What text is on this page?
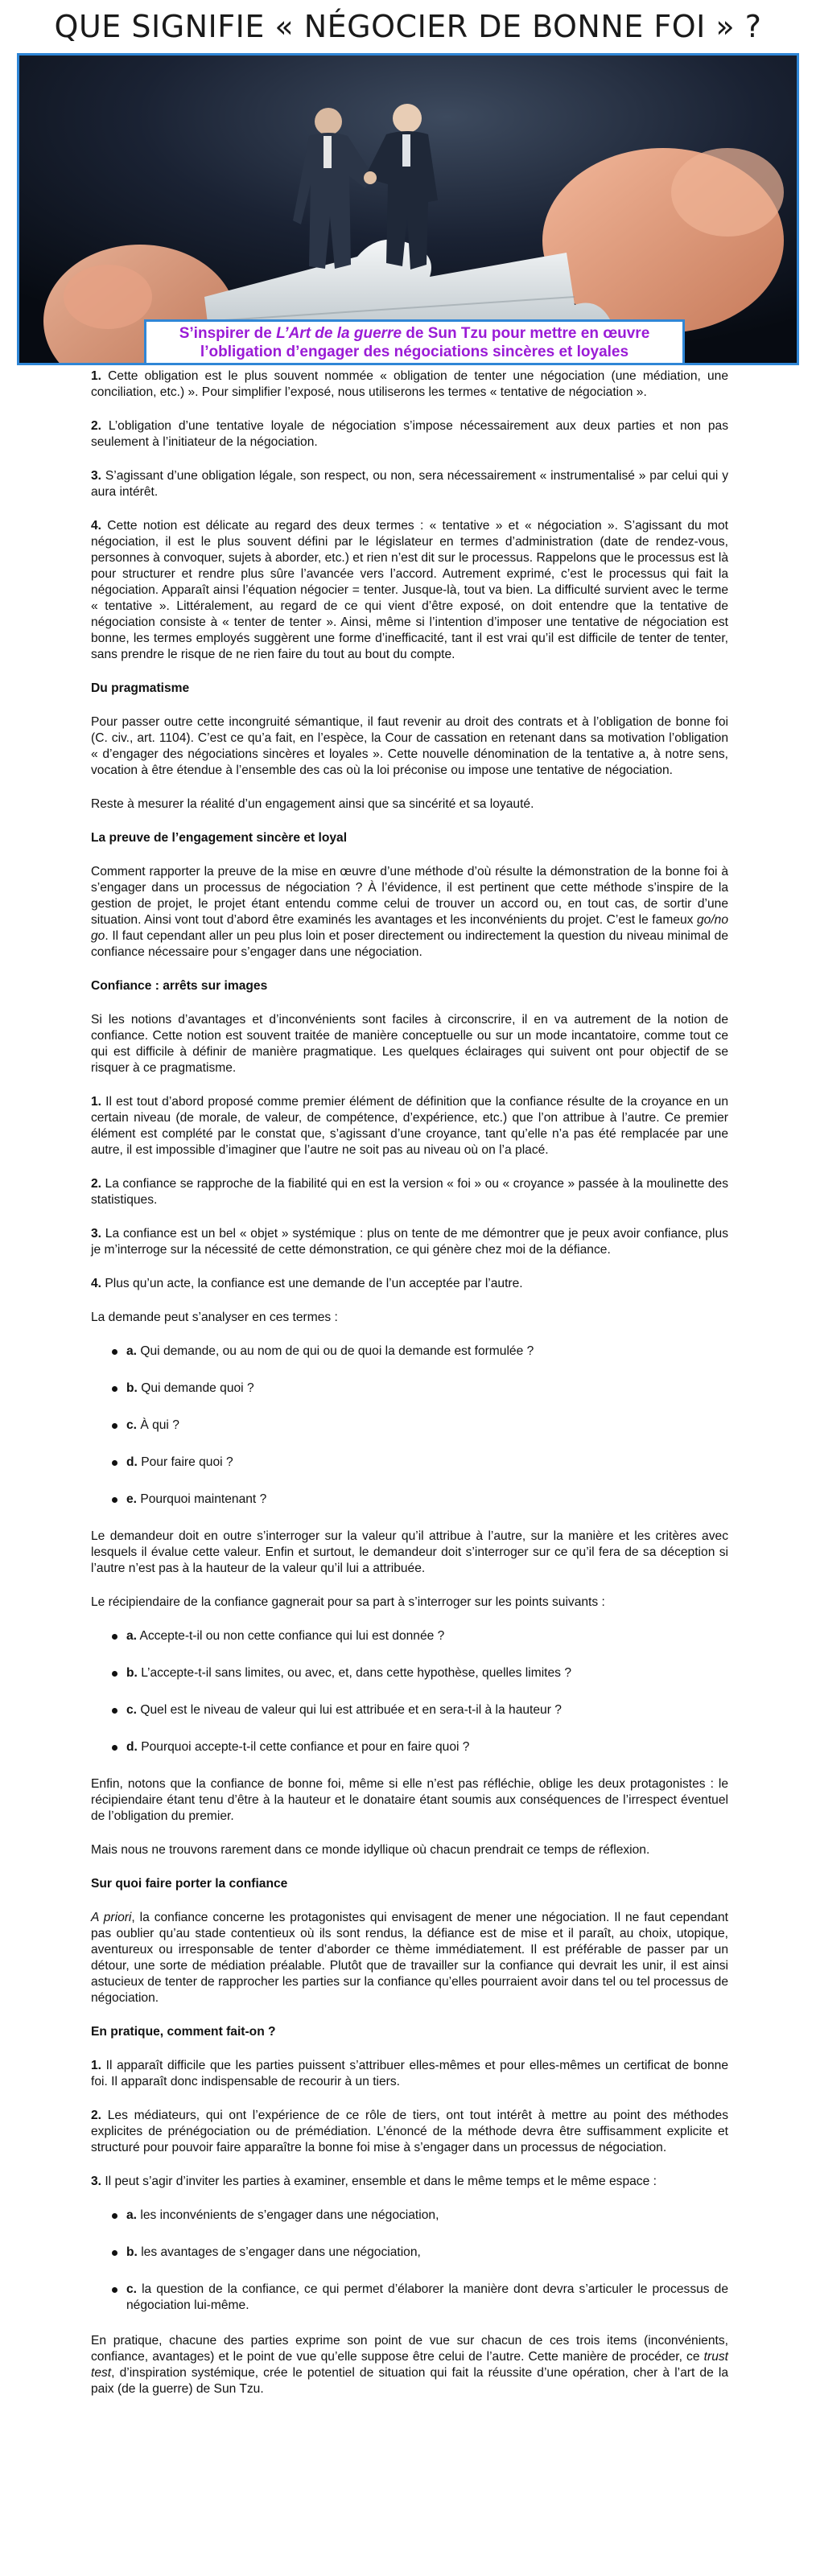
QUE SIGNIFIE « NÉGOCIER DE BONNE FOI » ?
S’inspirer de L’Art de la guerre de Sun Tzu pour mettre en œuvre
l’obligation d’engager des négociations sincères et loyales

1. Cette obligation est le plus souvent nommée « obligation de tenter une négociation (une médiation, une conciliation, etc.) ». Pour simplifier l’exposé, nous utiliserons les termes « tentative de négociation ».

2. L’obligation d’une tentative loyale de négociation s’impose nécessairement aux deux parties et non pas seulement à l’initiateur de la négociation.

3. S’agissant d’une obligation légale, son respect, ou non, sera nécessairement « instrumentalisé » par celui qui y aura intérêt.

4. Cette notion est délicate au regard des deux termes : « tentative » et « négociation ». S’agissant du mot négociation, il est le plus souvent défini par le législateur en termes d’administration (date de rendez-vous, personnes à convoquer, sujets à aborder, etc.) et rien n’est dit sur le processus. Rappelons que le processus est là pour structurer et rendre plus sûre l’avancée vers l’accord. Autrement exprimé, c’est le processus qui fait la négociation. Apparaît ainsi l’équation négocier = tenter. Jusque-là, tout va bien. La difficulté survient avec le terme « tentative ». Littéralement, au regard de ce qui vient d’être exposé, on doit entendre que la tentative de négociation consiste à « tenter de tenter ». Ainsi, même si l’intention d’imposer une tentative de négociation est bonne, les termes employés suggèrent une forme d’inefficacité, tant il est vrai qu’il est difficile de tenter de tenter, sans prendre le risque de ne rien faire du tout au bout du compte.

Du pragmatisme

Pour passer outre cette incongruité sémantique, il faut revenir au droit des contrats et à l’obligation de bonne foi (C. civ., art. 1104). C’est ce qu’a fait, en l’espèce, la Cour de cassation en retenant dans sa motivation l’obligation « d’engager des négociations sincères et loyales ». Cette nouvelle dénomination de la tentative a, à notre sens, vocation à être étendue à l’ensemble des cas où la loi préconise ou impose une tentative de négociation.

Reste à mesurer la réalité d’un engagement ainsi que sa sincérité et sa loyauté.

La preuve de l’engagement sincère et loyal

Comment rapporter la preuve de la mise en œuvre d’une méthode d’où résulte la démonstration de la bonne foi à s’engager dans un processus de négociation ? À l’évidence, il est pertinent que cette méthode s’inspire de la gestion de projet, le projet étant entendu comme celui de trouver un accord ou, en tout cas, de sortir d’une situation. Ainsi vont tout d’abord être examinés les avantages et les inconvénients du projet. C’est le fameux go/no go. Il faut cependant aller un peu plus loin et poser directement ou indirectement la question du niveau minimal de confiance nécessaire pour s’engager dans une négociation.

Confiance : arrêts sur images

Si les notions d’avantages et d’inconvénients sont faciles à circonscrire, il en va autrement de la notion de confiance. Cette notion est souvent traitée de manière conceptuelle ou sur un mode incantatoire, comme tout ce qui est difficile à définir de manière pragmatique. Les quelques éclairages qui suivent ont pour objectif de se risquer à ce pragmatisme.

1. Il est tout d’abord proposé comme premier élément de définition que la confiance résulte de la croyance en un certain niveau (de morale, de valeur, de compétence, d’expérience, etc.) que l’on attribue à l’autre. Ce premier élément est complété par le constat que, s’agissant d’une croyance, tant qu’elle n’a pas été remplacée par une autre, il est impossible d’imaginer que l’autre ne soit pas au niveau où on l’a placé.

2. La confiance se rapproche de la fiabilité qui en est la version « foi » ou « croyance » passée à la moulinette des statistiques.

3. La confiance est un bel « objet » systémique : plus on tente de me démontrer que je peux avoir confiance, plus je m’interroge sur la nécessité de cette démonstration, ce qui génère chez moi de la défiance.

4. Plus qu’un acte, la confiance est une demande de l’un acceptée par l’autre.

La demande peut s’analyser en ces termes :

a. Qui demande, ou au nom de qui ou de quoi la demande est formulée ?
b. Qui demande quoi ?
c. À qui ?
d. Pour faire quoi ?
e. Pourquoi maintenant ?

Le demandeur doit en outre s’interroger sur la valeur qu’il attribue à l’autre, sur la manière et les critères avec lesquels il évalue cette valeur. Enfin et surtout, le demandeur doit s’interroger sur ce qu’il fera de sa déception si l’autre n’est pas à la hauteur de la valeur qu’il lui a attribuée.

Le récipiendaire de la confiance gagnerait pour sa part à s’interroger sur les points suivants :

a. Accepte-t-il ou non cette confiance qui lui est donnée ?
b. L’accepte-t-il sans limites, ou avec, et, dans cette hypothèse, quelles limites ?
c. Quel est le niveau de valeur qui lui est attribuée et en sera-t-il à la hauteur ?
d. Pourquoi accepte-t-il cette confiance et pour en faire quoi ?

Enfin, notons que la confiance de bonne foi, même si elle n’est pas réfléchie, oblige les deux protagonistes : le récipiendaire étant tenu d’être à la hauteur et le donataire étant soumis aux conséquences de l’irrespect éventuel de l’obligation du premier.

Mais nous ne trouvons rarement dans ce monde idyllique où chacun prendrait ce temps de réflexion.

Sur quoi faire porter la confiance

A priori, la confiance concerne les protagonistes qui envisagent de mener une négociation. Il ne faut cependant pas oublier qu’au stade contentieux où ils sont rendus, la défiance est de mise et il paraît, au choix, utopique, aventureux ou irresponsable de tenter d’aborder ce thème immédiatement. Il est préférable de passer par un détour, une sorte de médiation préalable. Plutôt que de travailler sur la confiance qui devrait les unir, il est ainsi astucieux de tenter de rapprocher les parties sur la confiance qu’elles pourraient avoir dans tel ou tel processus de négociation.

En pratique, comment fait-on ?

1. Il apparaît difficile que les parties puissent s’attribuer elles-mêmes et pour elles-mêmes un certificat de bonne foi. Il apparaît donc indispensable de recourir à un tiers.

2. Les médiateurs, qui ont l’expérience de ce rôle de tiers, ont tout intérêt à mettre au point des méthodes explicites de prénégociation ou de prémédiation. L’énoncé de la méthode devra être suffisamment explicite et structuré pour pouvoir faire apparaître la bonne foi mise à s’engager dans un processus de négociation.

3. Il peut s’agir d’inviter les parties à examiner, ensemble et dans le même temps et le même espace :

a. les inconvénients de s’engager dans une négociation,
b. les avantages de s’engager dans une négociation,
c. la question de la confiance, ce qui permet d’élaborer la manière dont devra s’articuler le processus de négociation lui-même.

En pratique, chacune des parties exprime son point de vue sur chacun de ces trois items (inconvénients, confiance, avantages) et le point de vue qu’elle suppose être celui de l’autre. Cette manière de procéder, ce trust test, d’inspiration systémique, crée le potentiel de situation qui fait la réussite d’une opération, cher à l’art de la paix (de la guerre) de Sun Tzu.
